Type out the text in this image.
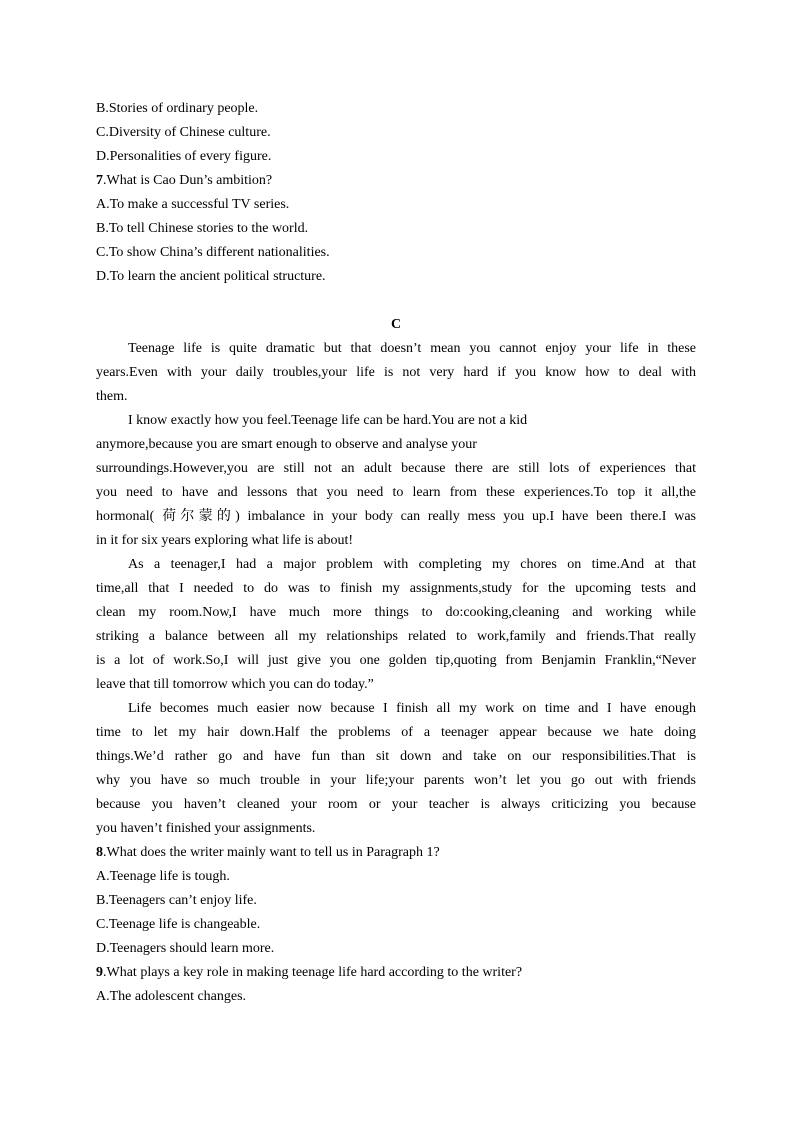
B.Stories of ordinary people.
C.Diversity of Chinese culture.
D.Personalities of every figure.
7.What is Cao Dun’s ambition?
A.To make a successful TV series.
B.To tell Chinese stories to the world.
C.To show China’s different nationalities.
D.To learn the ancient political structure.
C
Teenage life is quite dramatic but that doesn’t mean you cannot enjoy your life in these
years.Even with your daily troubles,your life is not very hard if you know how to deal with
them.
I know exactly how you feel.Teenage life can be hard.You are not a kid
anymore,because you are smart enough to observe and analyse your
surroundings.However,you are still not an adult because there are still lots of experiences that
you need to have and lessons that you need to learn from these experiences.To top it all,the
hormonal( 荷尔蒙的) imbalance in your body can really mess you up.I have been there.I was
in it for six years exploring what life is about!
As a teenager,I had a major problem with completing my chores on time.And at that
time,all that I needed to do was to finish my assignments,study for the upcoming tests and
clean my room.Now,I have much more things to do:cooking,cleaning and working while
striking a balance between all my relationships related to work,family and friends.That really
is a lot of work.So,I will just give you one golden tip,quoting from Benjamin Franklin,“Never
leave that till tomorrow which you can do today.”
Life becomes much easier now because I finish all my work on time and I have enough
time to let my hair down.Half the problems of a teenager appear because we hate doing
things.We’d rather go and have fun than sit down and take on our responsibilities.That is
why you have so much trouble in your life;your parents won’t let you go out with friends
because you haven’t cleaned your room or your teacher is always criticizing you because
you haven’t finished your assignments.
8.What does the writer mainly want to tell us in Paragraph 1?
A.Teenage life is tough.
B.Teenagers can’t enjoy life.
C.Teenage life is changeable.
D.Teenagers should learn more.
9.What plays a key role in making teenage life hard according to the writer?
A.The adolescent changes.
